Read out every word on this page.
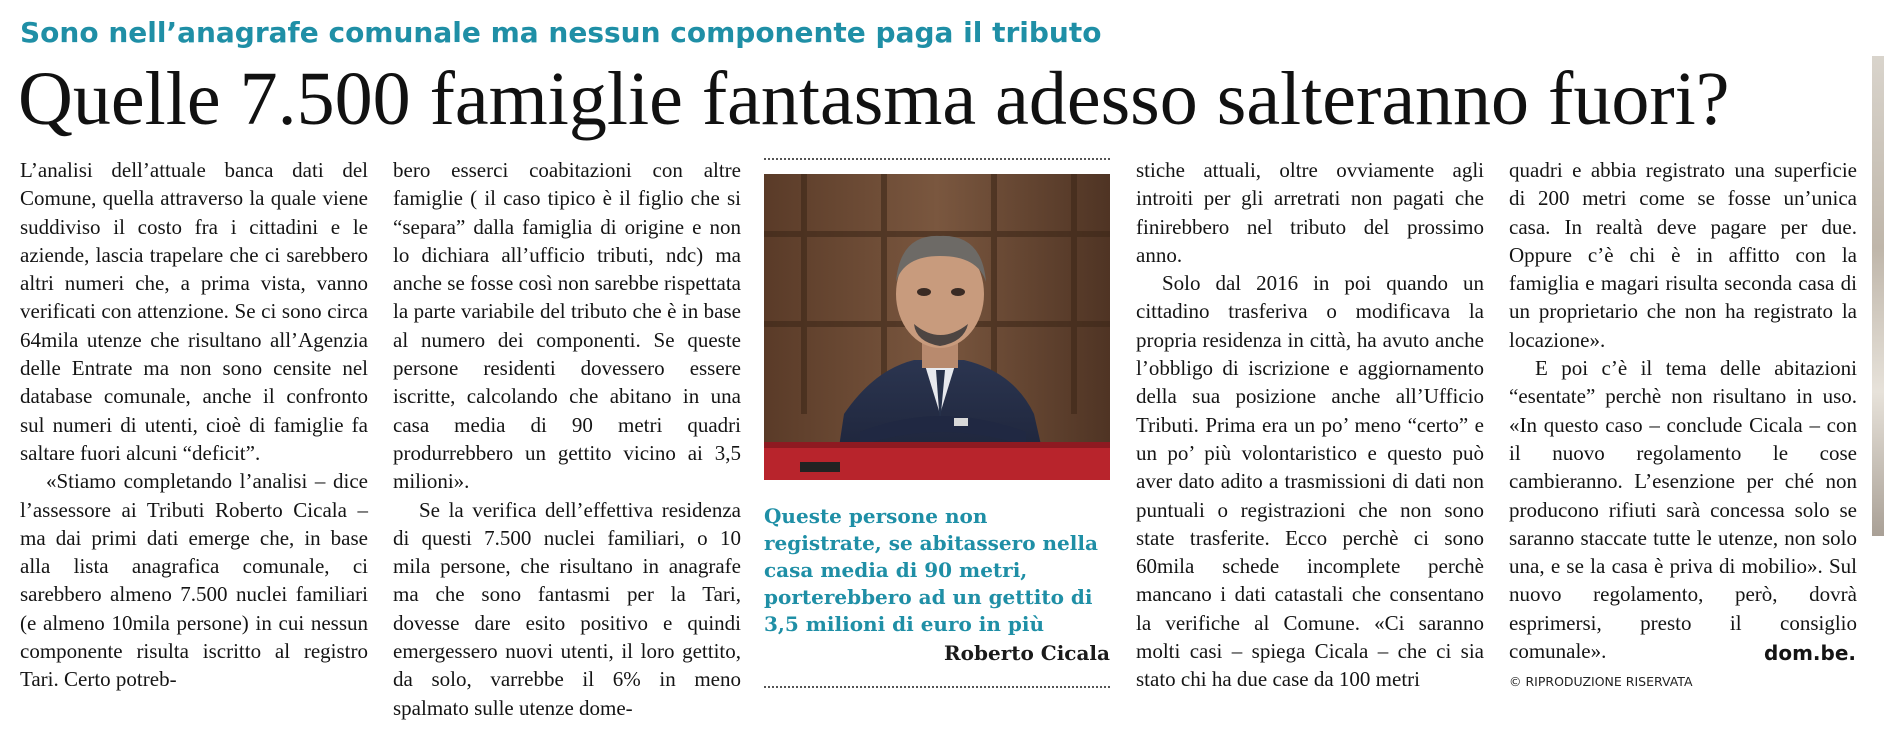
Sono nell’anagrafe comunale ma nessun componente paga il tributo
Quelle 7.500 famiglie fantasma adesso salteranno fuori?

L’analisi dell’attuale banca dati del Comune, quella attraverso la quale viene suddiviso il costo fra i cittadini e le aziende, lascia trapelare che ci sarebbero altri numeri che, a prima vista, vanno verificati con attenzione. Se ci sono circa 64mila utenze che risultano all’Agenzia delle Entrate ma non sono censite nel database comunale, anche il confronto sul numeri di utenti, cioè di famiglie fa saltare fuori alcuni “deficit”.

«Stiamo completando l’analisi – dice l’assessore ai Tributi Roberto Cicala – ma dai primi dati emerge che, in base alla lista anagrafica comunale, ci sarebbero almeno 7.500 nuclei familiari (e almeno 10mila persone) in cui nessun componente risulta iscritto al registro Tari. Certo potreb-

bero esserci coabitazioni con altre famiglie ( il caso tipico è il figlio che si “separa” dalla famiglia di origine e non lo dichiara all’ufficio tributi, ndc) ma anche se fosse così non sarebbe rispettata la parte variabile del tributo che è in base al numero dei componenti. Se queste persone residenti dovessero essere iscritte, calcolando che abitano in una casa media di 90 metri quadri produrrebbero un gettito vicino ai 3,5 milioni».

Se la verifica dell’effettiva residenza di questi 7.500 nuclei familiari, o 10 mila persone, che risultano in anagrafe ma che sono fantasmi per la Tari, dovesse dare esito positivo e quindi emergessero nuovi utenti, il loro gettito, da solo, varrebbe il 6% in meno spalmato sulle utenze dome-

Queste persone non registrate, se abitassero nella casa media di 90 metri, porterebbero ad un gettito di 3,5 milioni di euro in più
Roberto Cicala

stiche attuali, oltre ovviamente agli introiti per gli arretrati non pagati che finirebbero nel tributo del prossimo anno.

Solo dal 2016 in poi quando un cittadino trasferiva o modificava la propria residenza in città, ha avuto anche l’obbligo di iscrizione e aggiornamento della sua posizione anche all’Ufficio Tributi. Prima era un po’ meno “certo” e un po’ più volontaristico e questo può aver dato adito a trasmissioni di dati non puntuali o registrazioni che non sono state trasferite. Ecco perchè ci sono 60mila schede incomplete perchè mancano i dati catastali che consentano la verifiche al Comune. «Ci saranno molti casi – spiega Cicala – che ci sia stato chi ha due case da 100 metri

quadri e abbia registrato una superficie di 200 metri come se fosse un’unica casa. In realtà deve pagare per due. Oppure c’è chi è in affitto con la famiglia e magari risulta seconda casa di un proprietario che non ha registrato la locazione».

E poi c’è il tema delle abitazioni “esentate” perchè non risultano in uso. «In questo caso – conclude Cicala – con il nuovo regolamento le cose cambieranno. L’esenzione per ché non producono rifiuti sarà concessa solo se saranno staccate tutte le utenze, non solo una, e se la casa è priva di mobilio». Sul nuovo regolamento, però, dovrà esprimersi, presto il consiglio comunale».	dom.be.
© RIPRODUZIONE RISERVATA
